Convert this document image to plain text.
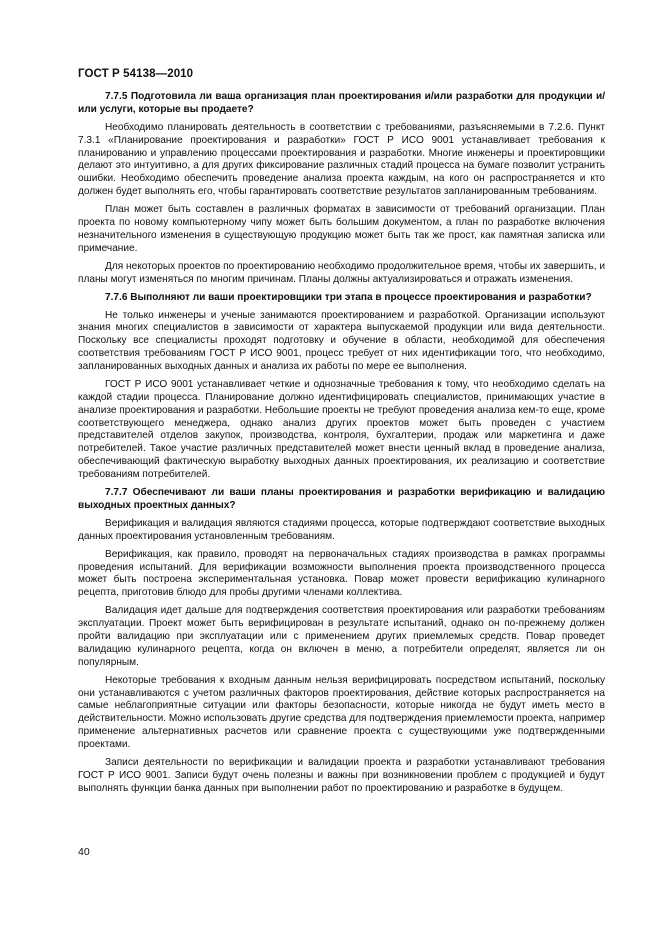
ГОСТ Р 54138—2010

7.7.5 Подготовила ли ваша организация план проектирования и/или разработки для продукции и/или услуги, которые вы продаете?

Необходимо планировать деятельность в соответствии с требованиями, разъясняемыми в 7.2.6. Пункт 7.3.1 «Планирование проектирования и разработки» ГОСТ Р ИСО 9001 устанавливает требования к планированию и управлению процессами проектирования и разработки. Многие инженеры и проектировщики делают это интуитивно, а для других фиксирование различных стадий процесса на бумаге позволит устранить ошибки. Необходимо обеспечить проведение анализа проекта каждым, на кого он распространяется и кто должен будет выполнять его, чтобы гарантировать соответствие результатов запланированным требованиям.

План может быть составлен в различных форматах в зависимости от требований организации. План проекта по новому компьютерному чипу может быть большим документом, а план по разработке включения незначительного изменения в существующую продукцию может быть так же прост, как памятная записка или примечание.

Для некоторых проектов по проектированию необходимо продолжительное время, чтобы их завершить, и планы могут изменяться по многим причинам. Планы должны актуализироваться и отражать изменения.

7.7.6 Выполняют ли ваши проектировщики три этапа в процессе проектирования и разработки?

Не только инженеры и ученые занимаются проектированием и разработкой. Организации используют знания многих специалистов в зависимости от характера выпускаемой продукции или вида деятельности. Поскольку все специалисты проходят подготовку и обучение в области, необходимой для обеспечения соответствия требованиям ГОСТ Р ИСО 9001, процесс требует от них идентификации того, что необходимо, запланированных выходных данных и анализа их работы по мере ее выполнения.

ГОСТ Р ИСО 9001 устанавливает четкие и однозначные требования к тому, что необходимо сделать на каждой стадии процесса. Планирование должно идентифицировать специалистов, принимающих участие в анализе проектирования и разработки. Небольшие проекты не требуют проведения анализа кем-то еще, кроме соответствующего менеджера, однако анализ других проектов может быть проведен с участием представителей отделов закупок, производства, контроля, бухгалтерии, продаж или маркетинга и даже потребителей. Такое участие различных представителей может внести ценный вклад в проведение анализа, обеспечивающий фактическую выработку выходных данных проектирования, их реализацию и соответствие требованиям потребителей.

7.7.7 Обеспечивают ли ваши планы проектирования и разработки верификацию и валидацию выходных проектных данных?

Верификация и валидация являются стадиями процесса, которые подтверждают соответствие выходных данных проектирования установленным требованиям.

Верификация, как правило, проводят на первоначальных стадиях производства в рамках программы проведения испытаний. Для верификации возможности выполнения проекта производственного процесса может быть построена экспериментальная установка. Повар может провести верификацию кулинарного рецепта, приготовив блюдо для пробы другими членами коллектива.

Валидация идет дальше для подтверждения соответствия проектирования или разработки требованиям эксплуатации. Проект может быть верифицирован в результате испытаний, однако он по-прежнему должен пройти валидацию при эксплуатации или с применением других приемлемых средств. Повар проведет валидацию кулинарного рецепта, когда он включен в меню, а потребители определят, является ли он популярным.

Некоторые требования к входным данным нельзя верифицировать посредством испытаний, поскольку они устанавливаются с учетом различных факторов проектирования, действие которых распространяется на самые неблагоприятные ситуации или факторы безопасности, которые никогда не будут иметь место в действительности. Можно использовать другие средства для подтверждения приемлемости проекта, например применение альтернативных расчетов или сравнение проекта с существующими уже подтвержденными проектами.

Записи деятельности по верификации и валидации проекта и разработки устанавливают требования ГОСТ Р ИСО 9001. Записи будут очень полезны и важны при возникновении проблем с продукцией и будут выполнять функции банка данных при выполнении работ по проектированию и разработке в будущем.

40
